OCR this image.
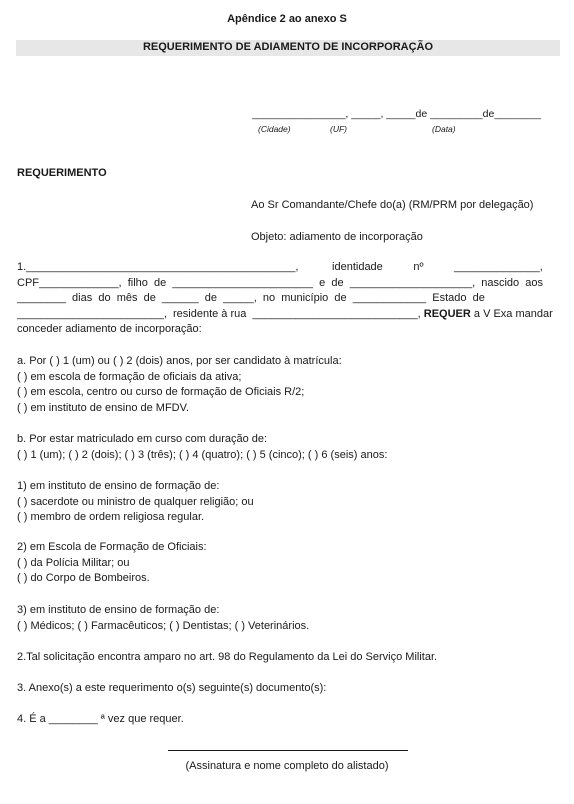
Apêndice 2 ao anexo S
REQUERIMENTO DE ADIAMENTO DE INCORPORAÇÃO
________________, _____, _____de _________de________
(Cidade)	(UF)	(Data)
REQUERIMENTO
Ao Sr Comandante/Chefe do(a) (RM/PRM por delegação)
Objeto: adiamento de incorporação
1.____________________________________________,           identidade          nº          ______________,
CPF_____________,  filho  de  _______________________  e  de  ____________________,  nascido  aos
________  dias  do  mês  de  ______  de  _____,  no  município  de  ____________  Estado  de
________________________,  residente à rua  ___________________________, REQUER a V Exa mandar
conceder adiamento de incorporação:
a. Por ( ) 1 (um) ou ( ) 2 (dois) anos, por ser candidato à matrícula:
( ) em escola de formação de oficiais da ativa;
( ) em escola, centro ou curso de formação de Oficiais R/2;
( ) em instituto de ensino de MFDV.
b. Por estar matriculado em curso com duração de:
( ) 1 (um); ( ) 2 (dois); ( ) 3 (três); ( ) 4 (quatro); ( ) 5 (cinco); ( ) 6 (seis) anos:
1) em instituto de ensino de formação de:
( ) sacerdote ou ministro de qualquer religião; ou
( ) membro de ordem religiosa regular.
2) em Escola de Formação de Oficiais:
( ) da Polícia Militar; ou
( ) do Corpo de Bombeiros.
3) em instituto de ensino de formação de:
( ) Médicos; ( ) Farmacêuticos; ( ) Dentistas; ( ) Veterinários.
2.Tal solicitação encontra amparo no art. 98 do Regulamento da Lei do Serviço Militar.
3. Anexo(s) a este requerimento o(s) seguinte(s) documento(s):
4. É a ________ ª vez que requer.
(Assinatura e nome completo do alistado)
